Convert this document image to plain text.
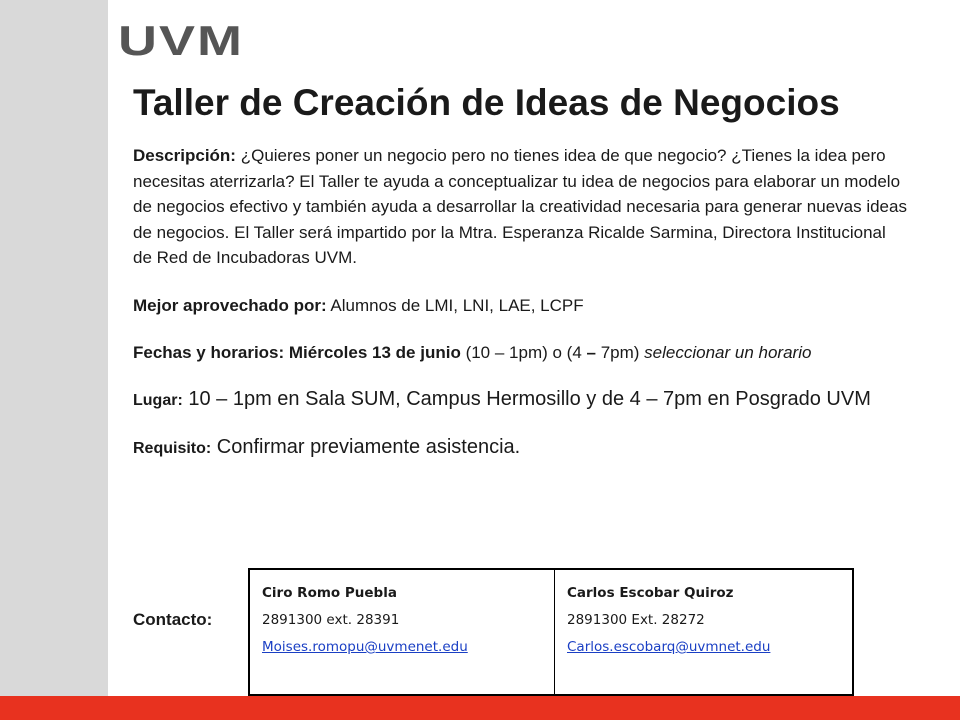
UVM
Taller de Creación de Ideas de Negocios

Descripción: ¿Quieres poner un negocio pero no tienes idea de que negocio? ¿Tienes la idea pero necesitas aterrizarla? El Taller te ayuda a conceptualizar tu idea de negocios para elaborar un modelo de negocios efectivo y también ayuda a desarrollar la creatividad necesaria para generar nuevas ideas de negocios. El Taller será impartido por la Mtra. Esperanza Ricalde Sarmina, Directora Institucional de Red de Incubadoras UVM.

Mejor aprovechado por: Alumnos de LMI, LNI, LAE, LCPF

Fechas y horarios: Miércoles 13 de junio (10 – 1pm) o (4 – 7pm) seleccionar un horario

Lugar: 10 – 1pm en Sala SUM, Campus Hermosillo y de 4 – 7pm en Posgrado UVM

Requisito: Confirmar previamente asistencia.

Contacto:
Ciro Romo Puebla
2891300 ext. 28391
Moises.romopu@uvmenet.edu

Carlos Escobar Quiroz
2891300 Ext. 28272
Carlos.escobarq@uvmnet.edu
